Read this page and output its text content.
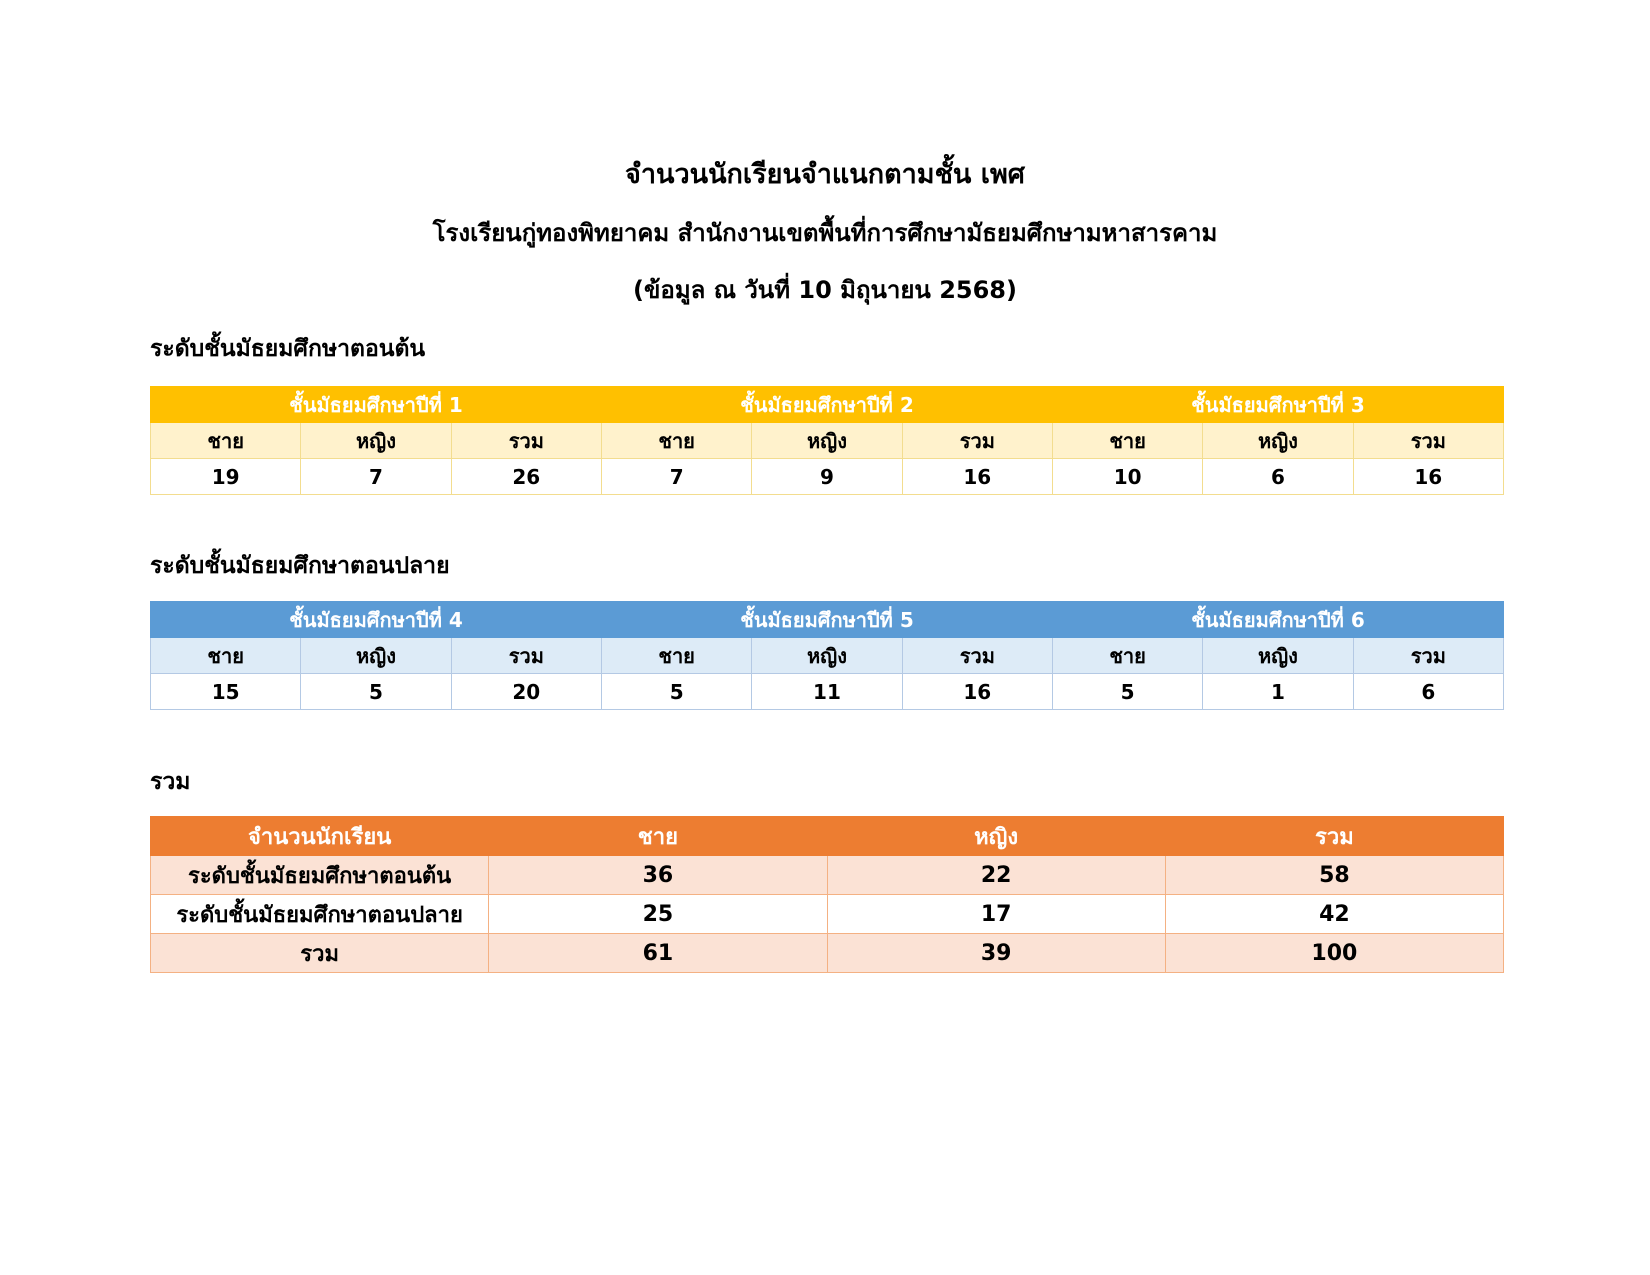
จำนวนนักเรียนจำแนกตามชั้น เพศ
โรงเรียนกู่ทองพิทยาคม สำนักงานเขตพื้นที่การศึกษามัธยมศึกษามหาสารคาม
(ข้อมูล ณ วันที่ 10 มิถุนายน 2568)
ระดับชั้นมัธยมศึกษาตอนต้น
ชั้นมัธยมศึกษาปีที่ 1			ชั้นมัธยมศึกษาปีที่ 2			ชั้นมัธยมศึกษาปีที่ 3		
ชาย	หญิง	รวม	ชาย	หญิง	รวม	ชาย	หญิง	รวม
19	7	26	7	9	16	10	6	16
ระดับชั้นมัธยมศึกษาตอนปลาย
ชั้นมัธยมศึกษาปีที่ 4			ชั้นมัธยมศึกษาปีที่ 5			ชั้นมัธยมศึกษาปีที่ 6		
ชาย	หญิง	รวม	ชาย	หญิง	รวม	ชาย	หญิง	รวม
15	5	20	5	11	16	5	1	6
รวม
จำนวนนักเรียน	ชาย	หญิง	รวม
ระดับชั้นมัธยมศึกษาตอนต้น	36	22	58
ระดับชั้นมัธยมศึกษาตอนปลาย	25	17	42
รวม	61	39	100
